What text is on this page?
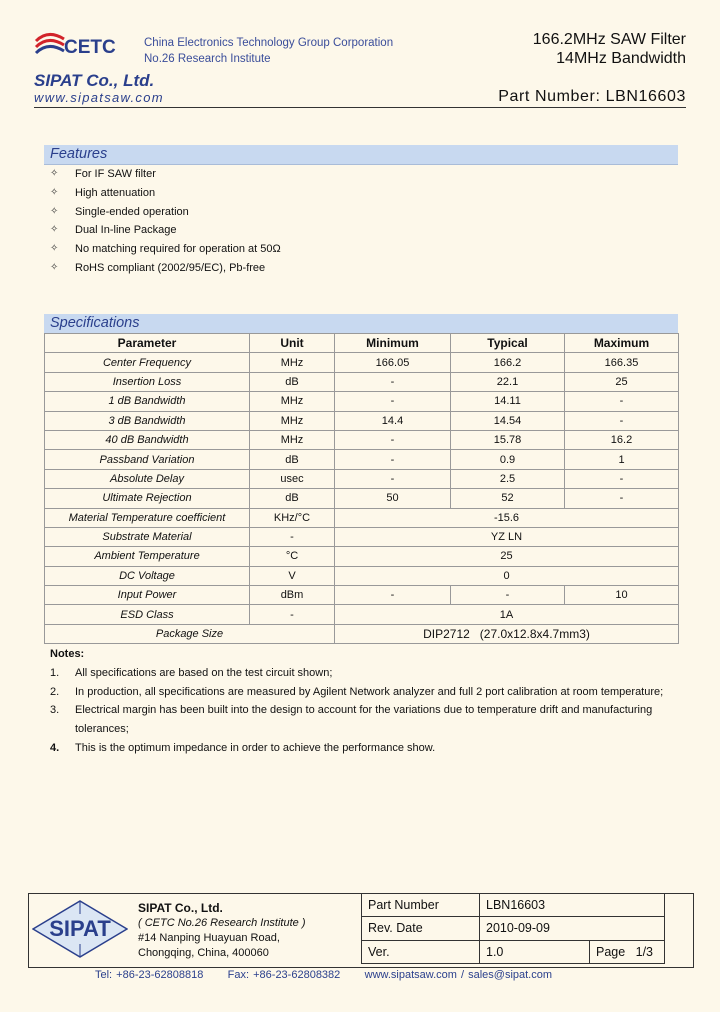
CETC China Electronics Technology Group Corporation
No.26 Research Institute
166.2MHz SAW Filter
14MHz Bandwidth
SIPAT Co., Ltd.
www.sipatsaw.com	Part Number: LBN16603
Features
✧ For IF SAW filter
✧ High attenuation
✧ Single-ended operation
✧ Dual In-line Package
✧ No matching required for operation at 50Ω
✧ RoHS compliant (2002/95/EC), Pb-free
Specifications
Parameter	Unit	Minimum	Typical	Maximum
Center Frequency	MHz	166.05	166.2	166.35
Insertion Loss	dB	-	22.1	25
1 dB Bandwidth	MHz	-	14.11	-
3 dB Bandwidth	MHz	14.4	14.54	-
40 dB Bandwidth	MHz	-	15.78	16.2
Passband Variation	dB	-	0.9	1
Absolute Delay	usec	-	2.5	-
Ultimate Rejection	dB	50	52	-
Material Temperature coefficient	KHz/°C	-15.6		
Substrate Material	-	YZ LN		
Ambient Temperature	°C	25		
DC Voltage	V	0		
Input Power	dBm	-	-	10
ESD Class	-	1A		
Package Size		DIP2712   (27.0x12.8x4.7mm3)		
Notes:
1. All specifications are based on the test circuit shown;
2. In production, all specifications are measured by Agilent Network analyzer and full 2 port calibration at room temperature;
3. Electrical margin has been built into the design to account for the variations due to temperature drift and manufacturing tolerances;
4. This is the optimum impedance in order to achieve the performance show.
SIPAT
SIPAT Co., Ltd.
( CETC No.26 Research Institute )
#14 Nanping Huayuan Road,
Chongqing, China, 400060
Part Number	LBN16603	
Rev. Date	2010-09-09	
Ver.	1.0	Page 1/3
Tel: +86-23-62808818      Fax: +86-23-62808382      www.sipatsaw.com / sales@sipat.com
